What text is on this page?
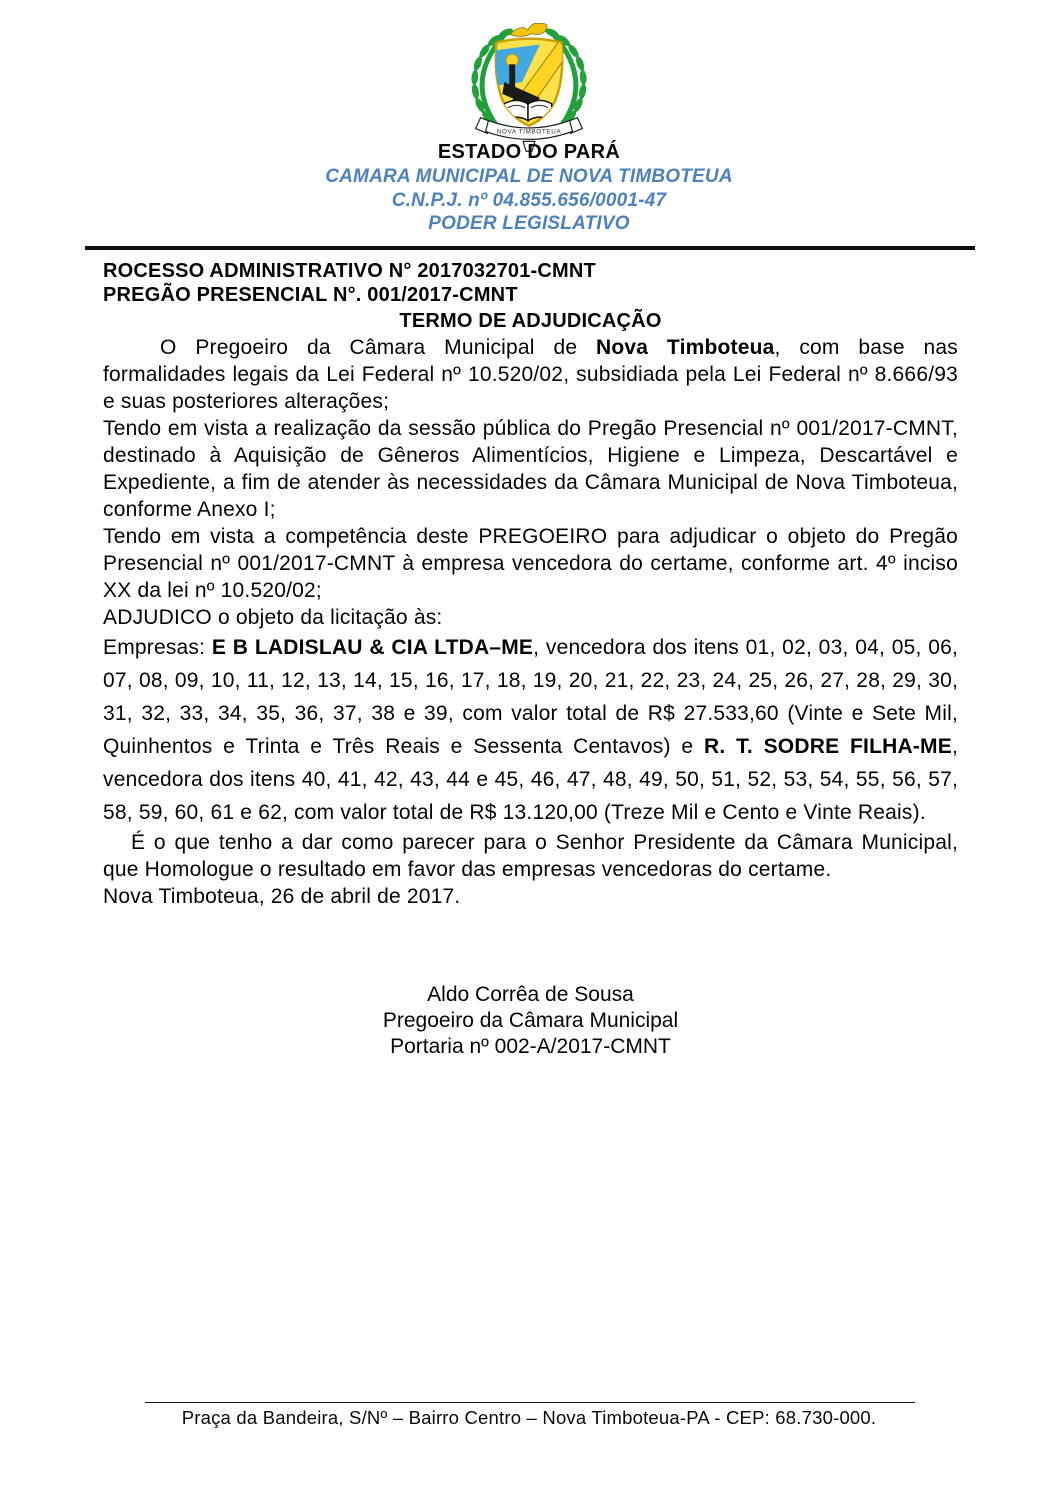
NOVA TIMBOTEUA
ESTADO DO PARÁ
CAMARA MUNICIPAL DE NOVA TIMBOTEUA
C.N.P.J. nº 04.855.656/0001-47
PODER LEGISLATIVO
ROCESSO ADMINISTRATIVO N° 2017032701-CMNT
PREGÃO PRESENCIAL N°. 001/2017-CMNT
TERMO DE ADJUDICAÇÃO

O Pregoeiro da Câmara Municipal de Nova Timboteua, com base nas formalidades legais da Lei Federal nº 10.520/02, subsidiada pela Lei Federal nº 8.666/93 e suas posteriores alterações;

Tendo em vista a realização da sessão pública do Pregão Presencial nº 001/2017-CMNT, destinado à Aquisição de Gêneros Alimentícios, Higiene e Limpeza, Descartável e Expediente, a fim de atender às necessidades da Câmara Municipal de Nova Timboteua, conforme Anexo I;

Tendo em vista a competência deste PREGOEIRO para adjudicar o objeto do Pregão Presencial nº 001/2017-CMNT à empresa vencedora do certame, conforme art. 4º inciso XX da lei nº 10.520/02;

ADJUDICO o objeto da licitação às:

Empresas: E B LADISLAU & CIA LTDA–ME, vencedora dos itens 01, 02, 03, 04, 05, 06, 07, 08, 09, 10, 11, 12, 13, 14, 15, 16, 17, 18, 19, 20, 21, 22, 23, 24, 25, 26, 27, 28, 29, 30, 31, 32, 33, 34, 35, 36, 37, 38 e 39, com valor total de R$ 27.533,60 (Vinte e Sete Mil, Quinhentos e Trinta e Três Reais e Sessenta Centavos) e R. T. SODRE FILHA-ME, vencedora dos itens 40, 41, 42, 43, 44 e 45, 46, 47, 48, 49, 50, 51, 52, 53, 54, 55, 56, 57, 58, 59, 60, 61 e 62, com valor total de R$ 13.120,00 (Treze Mil e Cento e Vinte Reais).

É o que tenho a dar como parecer para o Senhor Presidente da Câmara Municipal, que Homologue o resultado em favor das empresas vencedoras do certame.

Nova Timboteua, 26 de abril de 2017.

Aldo Corrêa de Sousa
Pregoeiro da Câmara Municipal
Portaria nº 002-A/2017-CMNT
Praça da Bandeira, S/Nº – Bairro Centro – Nova Timboteua-PA - CEP: 68.730-000.
